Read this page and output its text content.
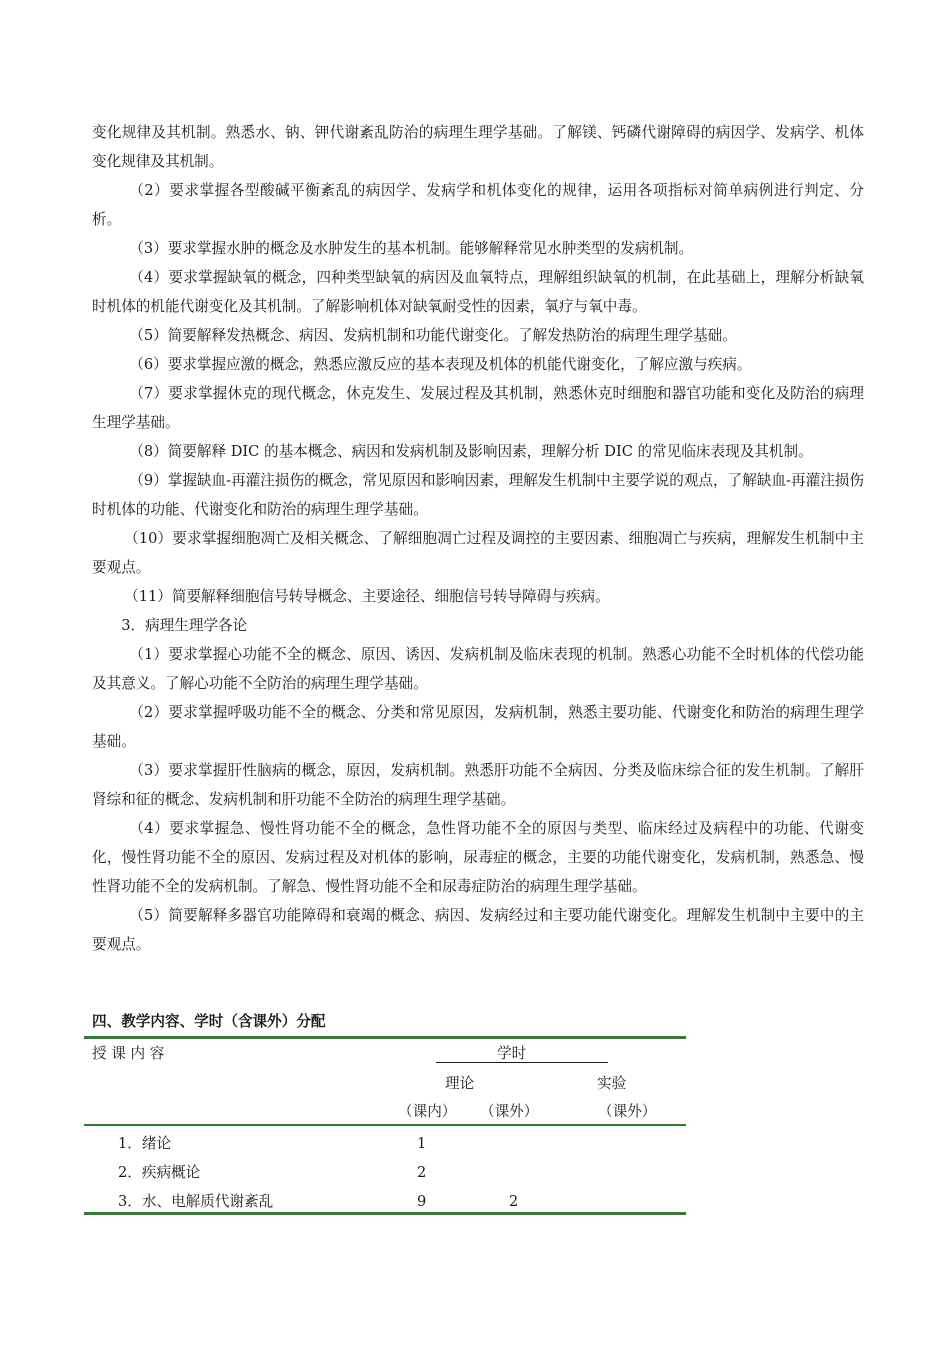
变化规律及其机制。熟悉水、钠、钾代谢紊乱防治的病理生理学基础。了解镁、钙磷代谢障碍的病因学、发病学、机体变化规律及其机制。

（2）要求掌握各型酸碱平衡紊乱的病因学、发病学和机体变化的规律，运用各项指标对简单病例进行判定、分析。

（3）要求掌握水肿的概念及水肿发生的基本机制。能够解释常见水肿类型的发病机制。

（4）要求掌握缺氧的概念，四种类型缺氧的病因及血氧特点，理解组织缺氧的机制，在此基础上，理解分析缺氧时机体的机能代谢变化及其机制。了解影响机体对缺氧耐受性的因素，氧疗与氧中毒。

（5）简要解释发热概念、病因、发病机制和功能代谢变化。了解发热防治的病理生理学基础。

（6）要求掌握应激的概念，熟悉应激反应的基本表现及机体的机能代谢变化，了解应激与疾病。

（7）要求掌握休克的现代概念，休克发生、发展过程及其机制，熟悉休克时细胞和器官功能和变化及防治的病理生理学基础。

（8）简要解释 DIC 的基本概念、病因和发病机制及影响因素，理解分析 DIC 的常见临床表现及其机制。

（9）掌握缺血-再灌注损伤的概念，常见原因和影响因素，理解发生机制中主要学说的观点，了解缺血-再灌注损伤时机体的功能、代谢变化和防治的病理生理学基础。

（10）要求掌握细胞凋亡及相关概念、了解细胞凋亡过程及调控的主要因素、细胞凋亡与疾病，理解发生机制中主要观点。

（11）简要解释细胞信号转导概念、主要途径、细胞信号转导障碍与疾病。

3．病理生理学各论

（1）要求掌握心功能不全的概念、原因、诱因、发病机制及临床表现的机制。熟悉心功能不全时机体的代偿功能及其意义。了解心功能不全防治的病理生理学基础。

（2）要求掌握呼吸功能不全的概念、分类和常见原因，发病机制，熟悉主要功能、代谢变化和防治的病理生理学基础。

（3）要求掌握肝性脑病的概念，原因，发病机制。熟悉肝功能不全病因、分类及临床综合征的发生机制。了解肝肾综和征的概念、发病机制和肝功能不全防治的病理生理学基础。

（4）要求掌握急、慢性肾功能不全的概念，急性肾功能不全的原因与类型、临床经过及病程中的功能、代谢变化，慢性肾功能不全的原因、发病过程及对机体的影响，尿毒症的概念，主要的功能代谢变化，发病机制，熟悉急、慢性肾功能不全的发病机制。了解急、慢性肾功能不全和尿毒症防治的病理生理学基础。

（5）简要解释多器官功能障碍和衰竭的概念、病因、发病经过和主要功能代谢变化。理解发生机制中主要中的主要观点。

四、教学内容、学时（含课外）分配
授 课 内 容	学时
理论	实验
（课内） （课外）	（课外）
1．绪论	1
2．疾病概论	2
3．水、电解质代谢紊乱	9	2
